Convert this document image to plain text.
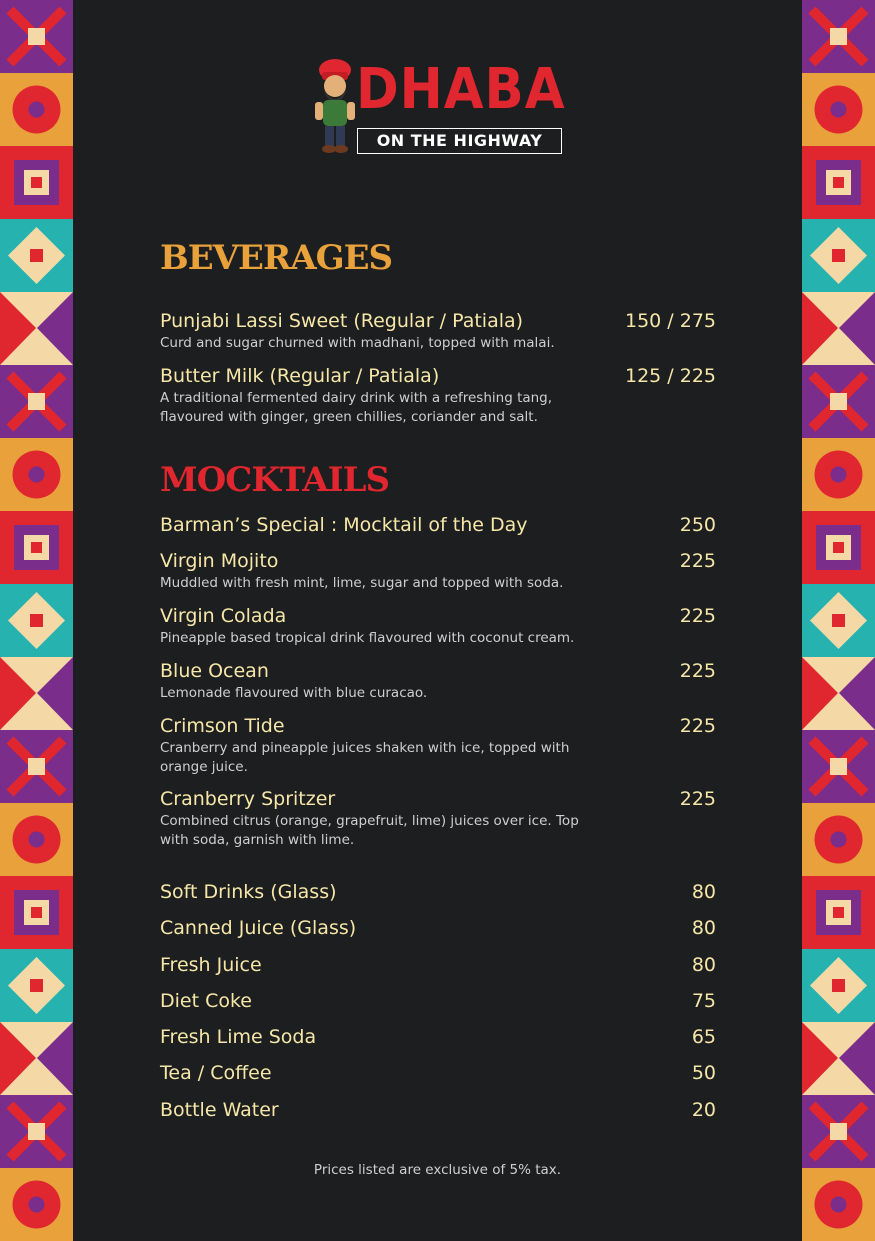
DHABA
ON THE HIGHWAY
BEVERAGES
MOCKTAILS
Punjabi Lassi Sweet (Regular / Patiala)	150 / 275
Curd and sugar churned with madhani, topped with malai.
Butter Milk (Regular / Patiala)	125 / 225
A traditional fermented dairy drink with a refreshing tang, flavoured with ginger, green chillies, coriander and salt.
Barman’s Special : Mocktail of the Day	250
Virgin Mojito	225
Muddled with fresh mint, lime, sugar and topped with soda.
Virgin Colada	225
Pineapple based tropical drink flavoured with coconut cream.
Blue Ocean	225
Lemonade flavoured with blue curacao.
Crimson Tide	225
Cranberry and pineapple juices shaken with ice, topped with orange juice.
Cranberry Spritzer	225
Combined citrus (orange, grapefruit, lime) juices over ice. Top with soda, garnish with lime.
Soft Drinks (Glass)	80
Canned Juice (Glass)	80
Fresh Juice	80
Diet Coke	75
Fresh Lime Soda	65
Tea / Coffee	50
Bottle Water	20
Prices listed are exclusive of 5% tax.
